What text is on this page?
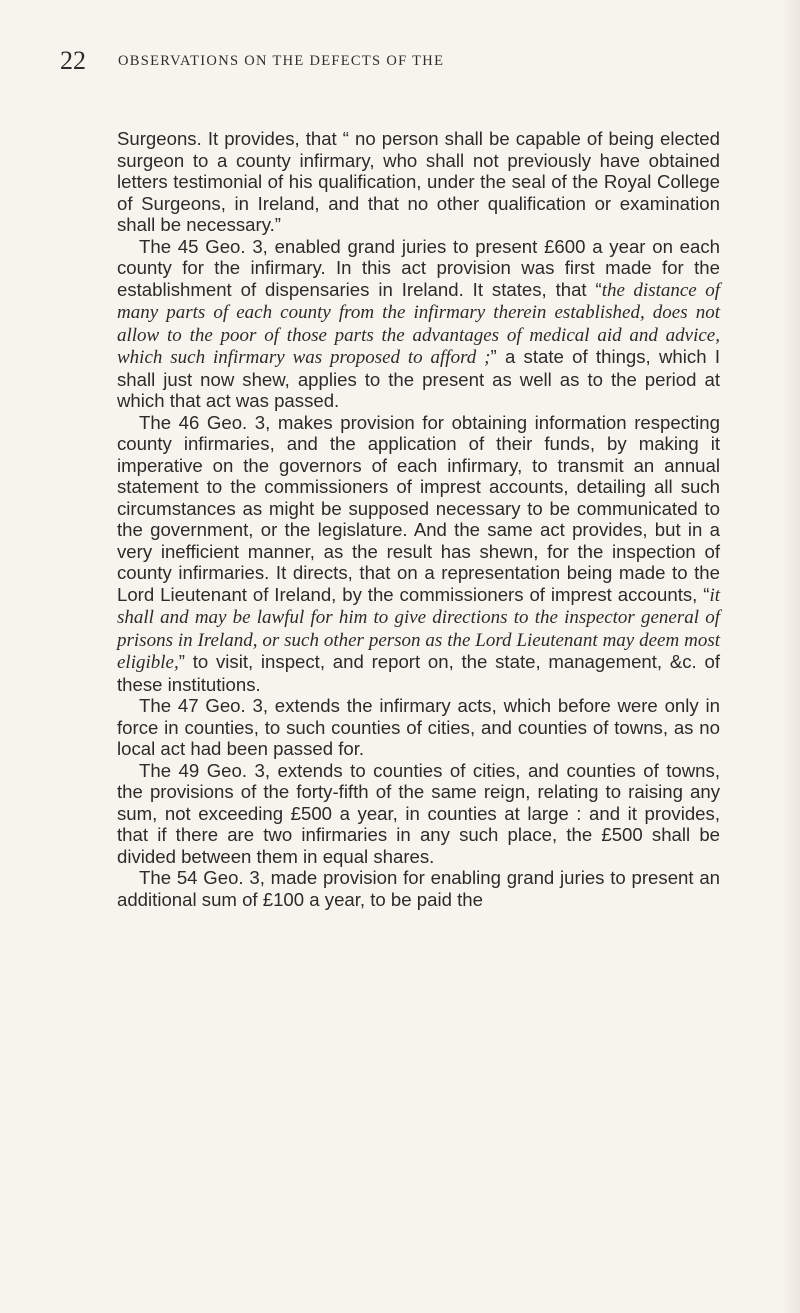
22 OBSERVATIONS ON THE DEFECTS OF THE

Surgeons. It provides, that “ no person shall be capable of being elected surgeon to a county infirmary, who shall not previously have obtained letters testimonial of his qualification, under the seal of the Royal College of Surgeons, in Ireland, and that no other qualification or examination shall be necessary.”

The 45 Geo. 3, enabled grand juries to present £600 a year on each county for the infirmary. In this act provision was first made for the establishment of dispensaries in Ireland. It states, that “the distance of many parts of each county from the infirmary therein established, does not allow to the poor of those parts the advantages of medical aid and advice, which such infirmary was proposed to afford ;” a state of things, which I shall just now shew, applies to the present as well as to the period at which that act was passed.

The 46 Geo. 3, makes provision for obtaining information respecting county infirmaries, and the application of their funds, by making it imperative on the governors of each infirmary, to transmit an annual statement to the commissioners of imprest accounts, detailing all such circumstances as might be supposed necessary to be communicated to the government, or the legislature. And the same act provides, but in a very inefficient manner, as the result has shewn, for the inspection of county infirmaries. It directs, that on a representation being made to the Lord Lieutenant of Ireland, by the commissioners of imprest accounts, “it shall and may be lawful for him to give directions to the inspector general of prisons in Ireland, or such other person as the Lord Lieutenant may deem most eligible,” to visit, inspect, and report on, the state, management, &c. of these institutions.

The 47 Geo. 3, extends the infirmary acts, which before were only in force in counties, to such counties of cities, and counties of towns, as no local act had been passed for.

The 49 Geo. 3, extends to counties of cities, and counties of towns, the provisions of the forty-fifth of the same reign, relating to raising any sum, not exceeding £500 a year, in counties at large : and it provides, that if there are two infirmaries in any such place, the £500 shall be divided between them in equal shares.

The 54 Geo. 3, made provision for enabling grand juries to present an additional sum of £100 a year, to be paid the
